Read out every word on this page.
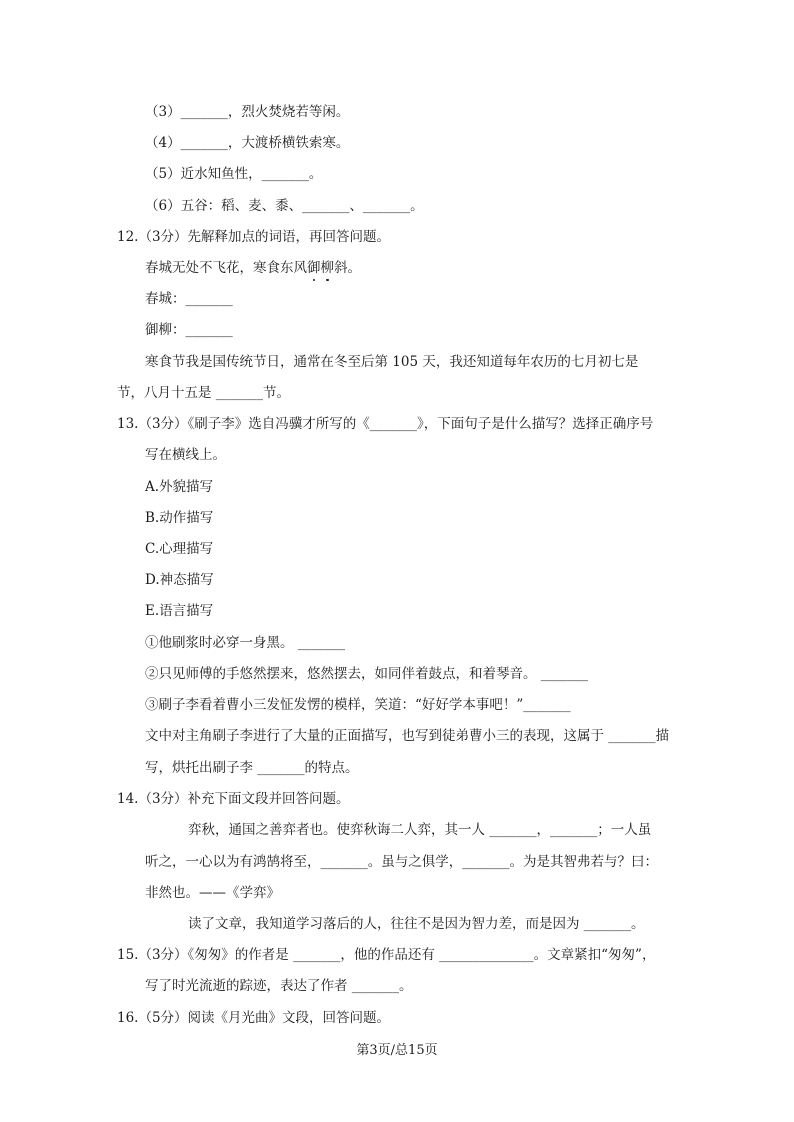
（3）_______，烈火焚烧若等闲。
（4）_______，大渡桥横铁索寒。
（5）近水知鱼性，_______。
（6）五谷：稻、麦、黍、_______、_______。
12.（3分）先解释加点的词语，再回答问题。
春城无处不飞花，寒食东风御柳斜。
春城：_______
御柳：_______
寒食节我是国传统节日，通常在冬至后第 105 天，我还知道每年农历的七月初七是
节，八月十五是 _______节。
13.（3分）《刷子李》选自冯骥才所写的《_______》，下面句子是什么描写？选择正确序号
写在横线上。
A.外貌描写
B.动作描写
C.心理描写
D.神态描写
E.语言描写
①他刷浆时必穿一身黑。 _______
②只见师傅的手悠然摆来，悠然摆去，如同伴着鼓点，和着琴音。 _______
③刷子李看着曹小三发怔发愣的模样，笑道：“好好学本事吧！”_______
文中对主角刷子李进行了大量的正面描写，也写到徒弟曹小三的表现，这属于 _______描
写，烘托出刷子李 _______的特点。
14.（3分）补充下面文段并回答问题。
弈秋，通国之善弈者也。使弈秋诲二人弈，其一人 _______，_______；一人虽
听之，一心以为有鸿鹄将至，_______。虽与之俱学，_______。为是其智弗若与？曰：
非然也。——《学弈》
读了文章，我知道学习落后的人，往往不是因为智力差，而是因为 _______。
15.（3分）《匆匆》的作者是 _______，他的作品还有 ______________。文章紧扣“匆匆”，
写了时光流逝的踪迹，表达了作者 _______。
16.（5分）阅读《月光曲》文段，回答问题。
第3页/总15页
